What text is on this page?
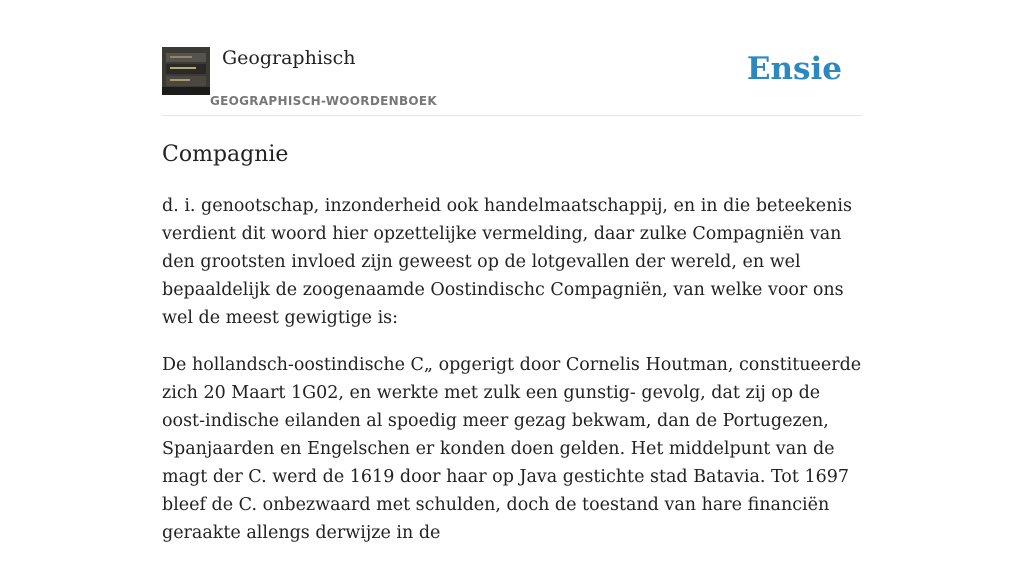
Geographisch
GEOGRAPHISCH-WOORDENBOEK
Ensie
Compagnie

d. i. genootschap, inzonderheid ook handelmaatschappij, en in die beteekenis verdient dit woord hier opzettelijke vermelding, daar zulke Compagniën van den grootsten invloed zijn geweest op de lotgevallen der wereld, en wel bepaaldelijk de zoogenaamde Oostindischc Compagniën, van welke voor ons wel de meest gewigtige is:

De hollandsch-oostindische C„ opgerigt door Cornelis Houtman, constitueerde zich 20 Maart 1G02, en werkte met zulk een gunstig- gevolg, dat zij op de oost-indische eilanden al spoedig meer gezag bekwam, dan de Portugezen, Spanjaarden en Engelschen er konden doen gelden. Het middelpunt van de magt der C. werd de 1619 door haar op Java gestichte stad Batavia. Tot 1697 bleef de C. onbezwaard met schulden, doch de toestand van hare financiën geraakte allengs derwijze in de
